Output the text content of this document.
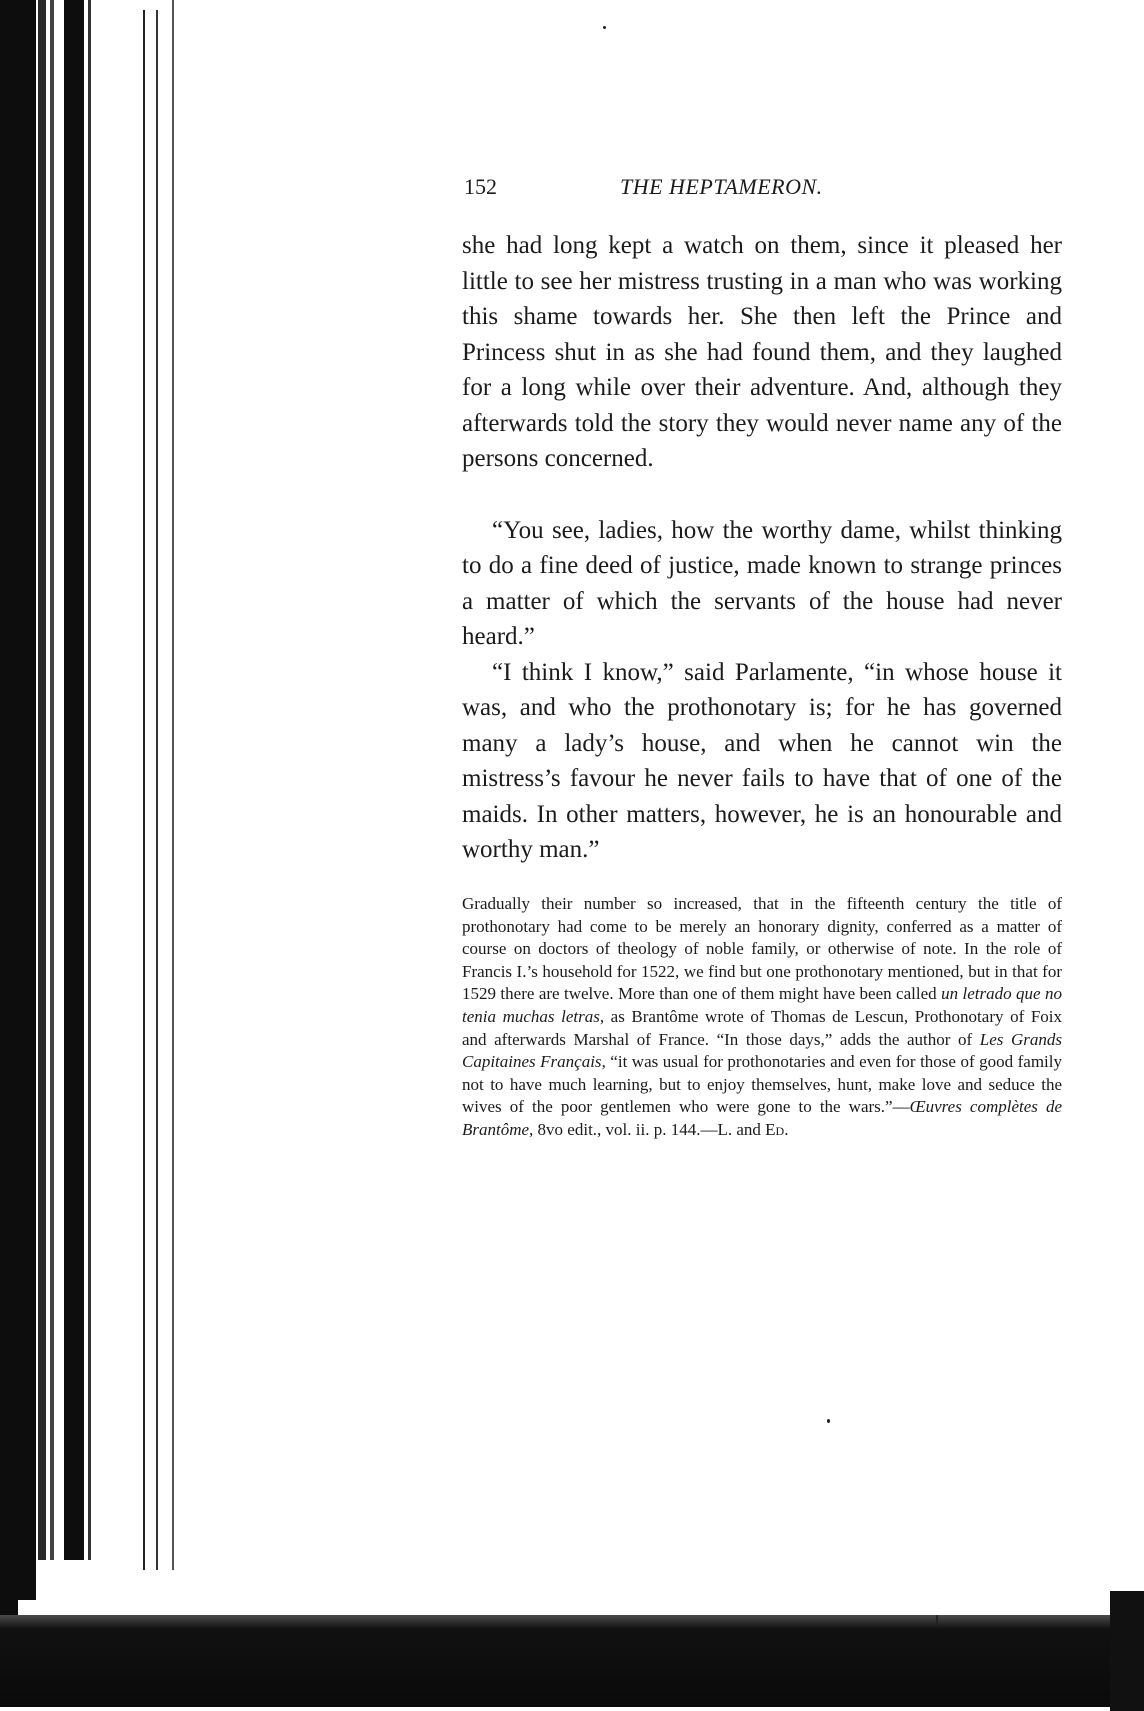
152	THE HEPTAMERON.

she had long kept a watch on them, since it pleased her little to see her mistress trusting in a man who was working this shame towards her. She then left the Prince and Princess shut in as she had found them, and they laughed for a long while over their adventure. And, although they afterwards told the story they would never name any of the persons concerned.

“You see, ladies, how the worthy dame, whilst thinking to do a fine deed of justice, made known to strange princes a matter of which the servants of the house had never heard.”

“I think I know,” said Parlamente, “in whose house it was, and who the prothonotary is; for he has governed many a lady’s house, and when he cannot win the mistress’s favour he never fails to have that of one of the maids. In other matters, however, he is an honourable and worthy man.”

Gradually their number so increased, that in the fifteenth century the title of prothonotary had come to be merely an honorary dignity, conferred as a matter of course on doctors of theology of noble family, or otherwise of note. In the role of Francis I.’s household for 1522, we find but one prothonotary mentioned, but in that for 1529 there are twelve. More than one of them might have been called un letrado que no tenia muchas letras, as Brantôme wrote of Thomas de Lescun, Prothonotary of Foix and afterwards Marshal of France. “In those days,” adds the author of Les Grands Capitaines Français, “it was usual for prothonotaries and even for those of good family not to have much learning, but to enjoy themselves, hunt, make love and seduce the wives of the poor gentlemen who were gone to the wars.”—Œuvres complètes de Brantôme, 8vo edit., vol. ii. p. 144.—L. and Ed.
